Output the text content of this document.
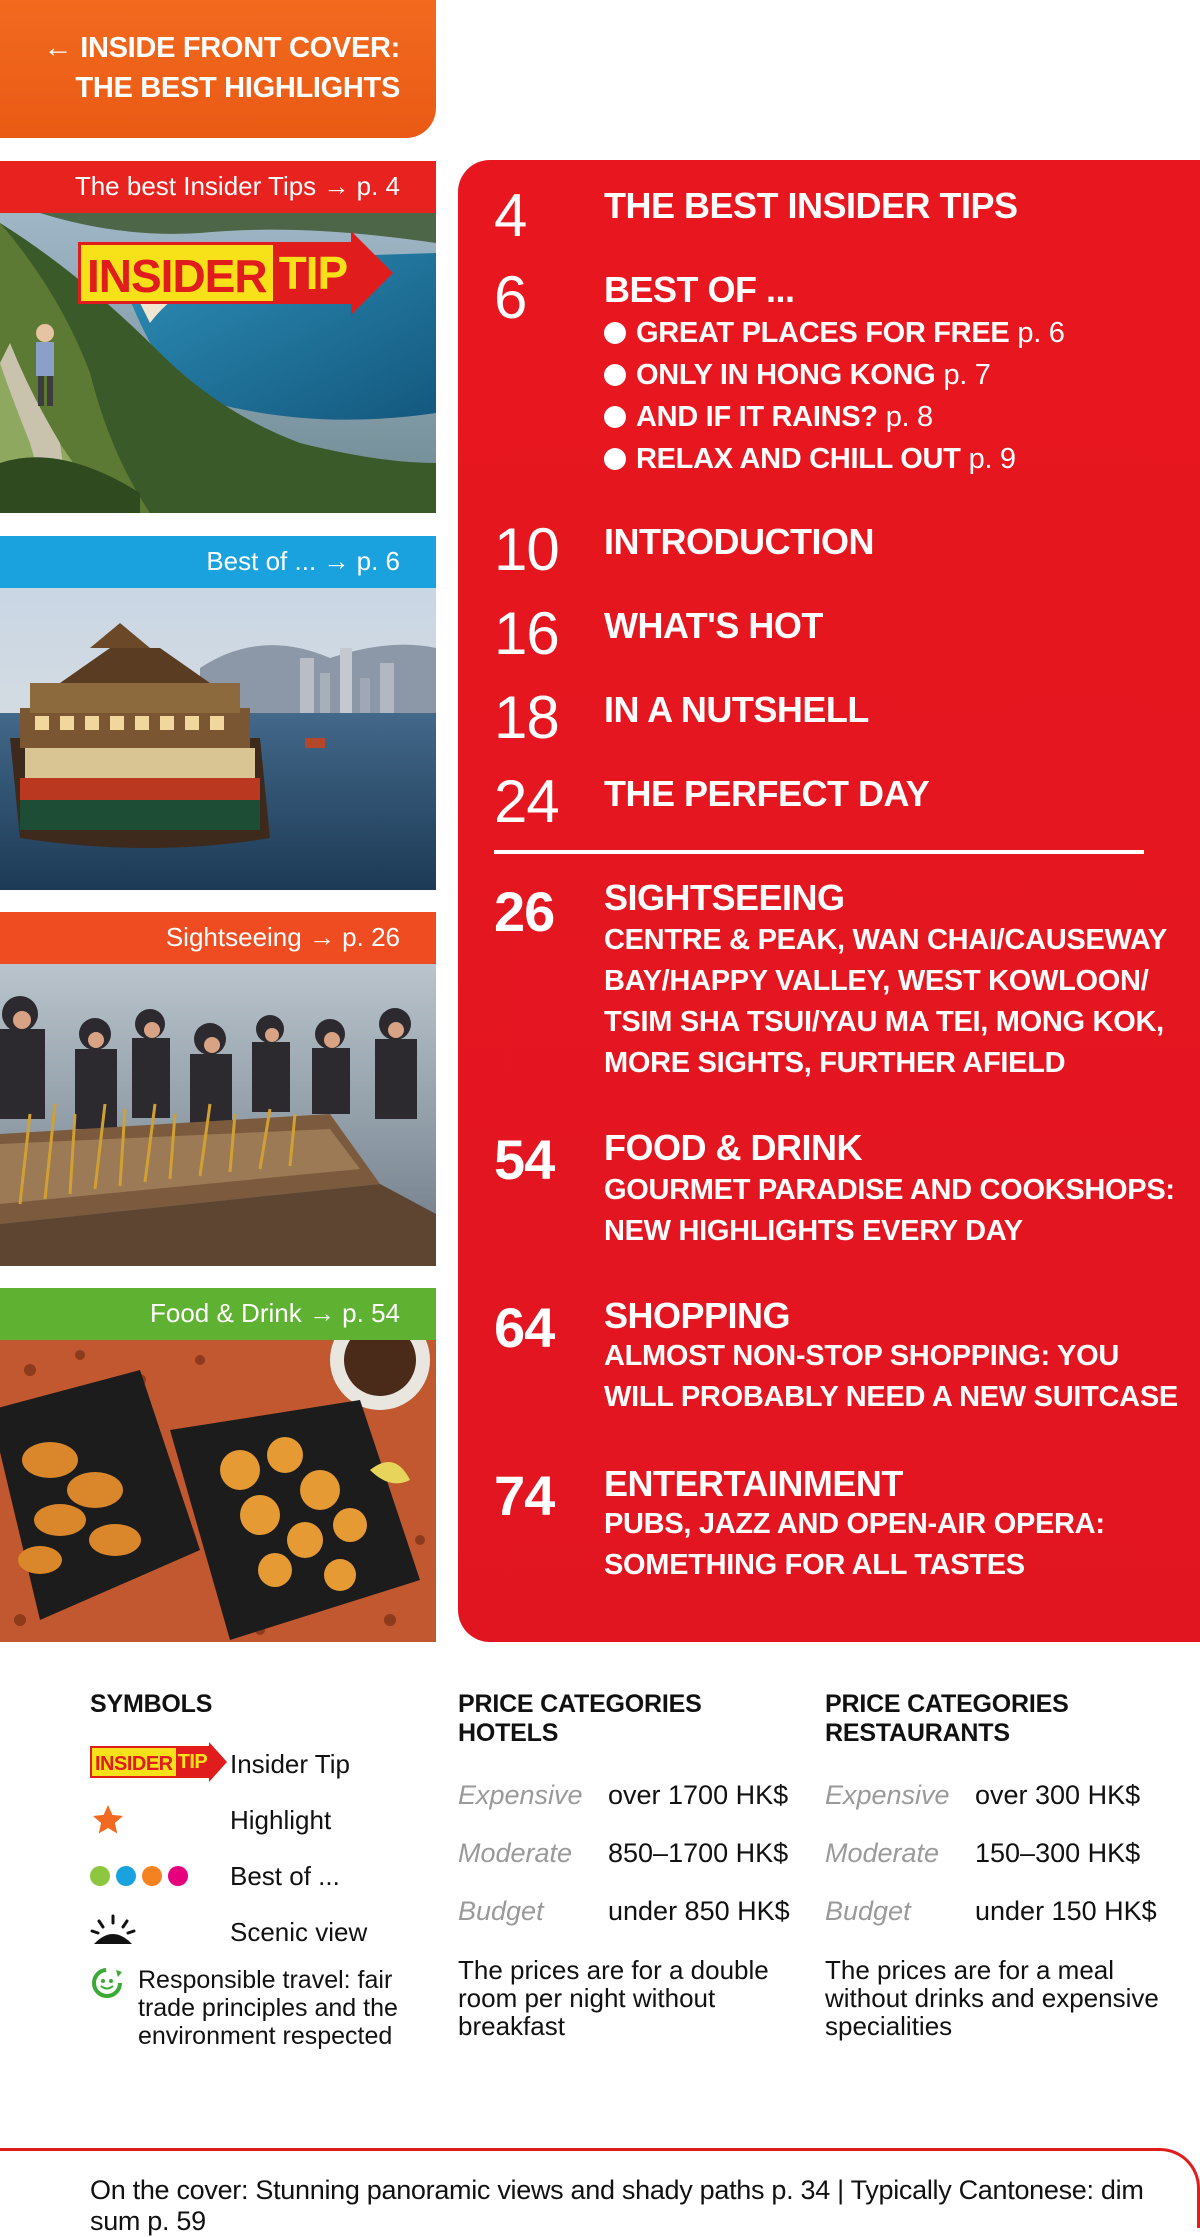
← INSIDE FRONT COVER:
THE BEST HIGHLIGHTS
The best Insider Tips → p. 4
INSIDER TIP
Best of ... → p. 6
Sightseeing → p. 26
Food & Drink → p. 54
4 THE BEST INSIDER TIPS
6 BEST OF ...
GREAT PLACES FOR FREE p. 6
ONLY IN HONG KONG p. 7
AND IF IT RAINS? p. 8
RELAX AND CHILL OUT p. 9
10 INTRODUCTION
16 WHAT'S HOT
18 IN A NUTSHELL
24 THE PERFECT DAY
26 SIGHTSEEING
CENTRE & PEAK, WAN CHAI/CAUSEWAY
BAY/HAPPY VALLEY, WEST KOWLOON/
TSIM SHA TSUI/YAU MA TEI, MONG KOK,
MORE SIGHTS, FURTHER AFIELD
54 FOOD & DRINK
GOURMET PARADISE AND COOKSHOPS:
NEW HIGHLIGHTS EVERY DAY
64 SHOPPING
ALMOST NON-STOP SHOPPING: YOU
WILL PROBABLY NEED A NEW SUITCASE
74 ENTERTAINMENT
PUBS, JAZZ AND OPEN-AIR OPERA:
SOMETHING FOR ALL TASTES
SYMBOLS
INSIDER TIP Insider Tip
Highlight
Best of ...
Scenic view
Responsible travel: fair
trade principles and the
environment respected
PRICE CATEGORIES
HOTELS
Expensive over 1700 HK$
Moderate	850–1700 HK$
Budget	under 850 HK$
The prices are for a double
room per night without
breakfast
PRICE CATEGORIES
RESTAURANTS
Expensive over 300 HK$
Moderate	150–300 HK$
Budget	under 150 HK$
The prices are for a meal
without drinks and expensive
specialities
On the cover: Stunning panoramic views and shady paths p. 34 | Typically Cantonese: dim sum p. 59
